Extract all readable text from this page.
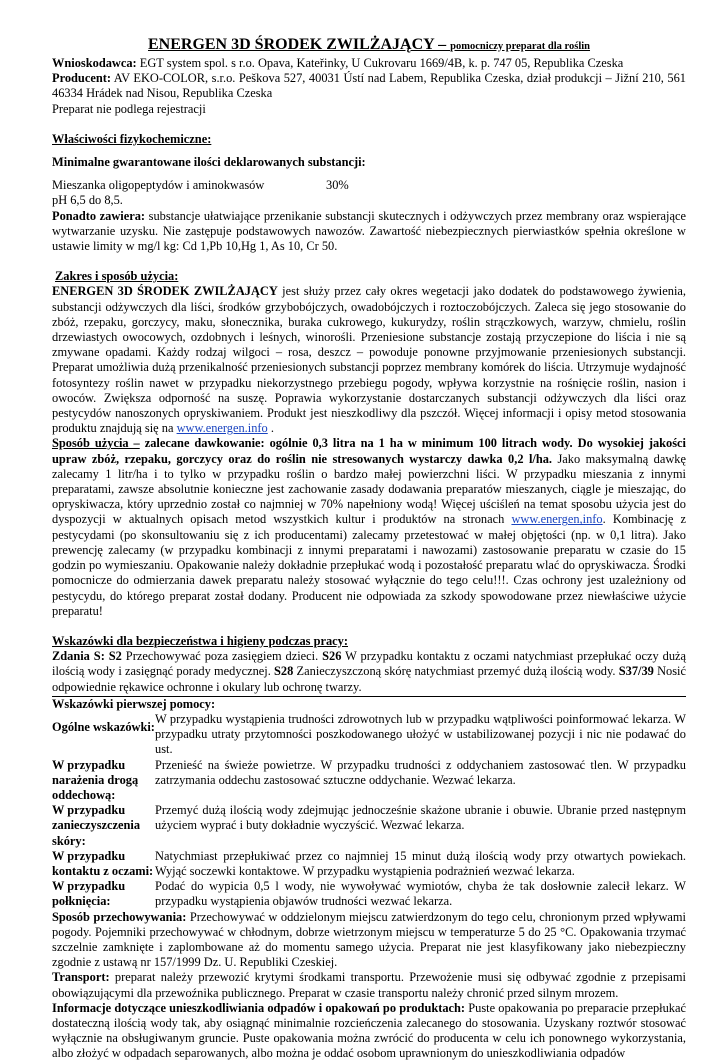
ENERGEN 3D ŚRODEK ZWILŻAJĄCY – pomocniczy preparat dla roślin

Wnioskodawca: EGT system spol. s r.o. Opava, Kateřinky, U Cukrovaru 1669/4B, k. p. 747 05, Republika Czeska

Producent: AV EKO-COLOR, s.r.o. Peškova 527, 40031 Ústí nad Labem, Republika Czeska, dział produkcji – Jižní 210, 561 46334 Hrádek nad Nisou, Republika Czeska

Preparat nie podlega rejestracji

Właściwości fizykochemiczne:

Minimalne gwarantowane ilości deklarowanych substancji:

Mieszanka oligopeptydów i aminokwasów	30%

pH 6,5 do 8,5.

Ponadto zawiera: substancje ułatwiające przenikanie substancji skutecznych i odżywczych przez membrany oraz wspierające wytwarzanie uzysku. Nie zastępuje podstawowych nawozów. Zawartość niebezpiecznych pierwiastków spełnia określone w ustawie limity w mg/l kg: Cd 1,Pb 10,Hg 1, As 10, Cr 50.

Zakres i sposób użycia:

ENERGEN 3D ŚRODEK ZWILŻAJĄCY jest służy przez cały okres wegetacji jako dodatek do podstawowego żywienia, substancji odżywczych dla liści, środków grzybobójczych, owadobójczych i roztoczobójczych. Zaleca się jego stosowanie do zbóż, rzepaku, gorczycy, maku, słonecznika, buraka cukrowego, kukurydzy, roślin strączkowych, warzyw, chmielu, roślin drzewiastych owocowych, ozdobnych i leśnych, winorośli. Przeniesione substancje zostają przyczepione do liścia i nie są zmywane opadami. Każdy rodzaj wilgoci – rosa, deszcz – powoduje ponowne przyjmowanie przeniesionych substancji. Preparat umożliwia dużą przenikalność przeniesionych substancji poprzez membrany komórek do liścia. Utrzymuje wydajność fotosyntezy roślin nawet w przypadku niekorzystnego przebiegu pogody, wpływa korzystnie na rośnięcie roślin, nasion i owoców. Zwiększa odporność na suszę. Poprawia wykorzystanie dostarczanych substancji odżywczych dla liści oraz pestycydów nanoszonych opryskiwaniem. Produkt jest nieszkodliwy dla pszczół. Więcej informacji i opisy metod stosowania produktu znajdują się na www.energen.info .

Sposób użycia – zalecane dawkowanie: ogólnie 0,3 litra na 1 ha w minimum 100 litrach wody. Do wysokiej jakości upraw zbóż, rzepaku, gorczycy oraz do roślin nie stresowanych wystarczy dawka 0,2 l/ha. Jako maksymalną dawkę zalecamy 1 litr/ha i to tylko w przypadku roślin o bardzo małej powierzchni liści. W przypadku mieszania z innymi preparatami, zawsze absolutnie konieczne jest zachowanie zasady dodawania preparatów mieszanych, ciągle je mieszając, do opryskiwacza, który uprzednio został co najmniej w 70% napełniony wodą! Więcej uściśleń na temat sposobu użycia jest do dyspozycji w aktualnych opisach metod wszystkich kultur i produktów na stronach www.energen,info. Kombinację z pestycydami (po skonsultowaniu się z ich producentami) zalecamy przetestować w małej objętości (np. w 0,1 litra). Jako prewencję zalecamy (w przypadku kombinacji z innymi preparatami i nawozami) zastosowanie preparatu w czasie do 15 godzin po wymieszaniu. Opakowanie należy dokładnie przepłukać wodą i pozostałość preparatu wlać do opryskiwacza. Środki pomocnicze do odmierzania dawek preparatu należy stosować wyłącznie do tego celu!!!. Czas ochrony jest uzależniony od pestycydu, do którego preparat został dodany. Producent nie odpowiada za szkody spowodowane przez niewłaściwe użycie preparatu!

Wskazówki dla bezpieczeństwa i higieny podczas pracy:

Zdania S: S2 Przechowywać poza zasięgiem dzieci. S26 W przypadku kontaktu z oczami natychmiast przepłukać oczy dużą ilością wody i zasięgnąć porady medycznej. S28 Zanieczyszczoną skórę natychmiast przemyć dużą ilością wody. S37/39 Nosić odpowiednie rękawice ochronne i okulary lub ochronę twarzy.

Wskazówki pierwszej pomocy:	
Ogólne wskazówki:	W przypadku wystąpienia trudności zdrowotnych lub w przypadku wątpliwości poinformować lekarza. W przypadku utraty przytomności poszkodowanego ułożyć w ustabilizowanej pozycji i nic nie podawać do ust.
W przypadku narażenia drogą oddechową:	Przenieść na świeże powietrze. W przypadku trudności z oddychaniem zastosować tlen. W przypadku zatrzymania oddechu zastosować sztuczne oddychanie. Wezwać lekarza.
W przypadku zanieczyszczenia skóry:	Przemyć dużą ilością wody zdejmując jednocześnie skażone ubranie i obuwie. Ubranie przed następnym użyciem wyprać i buty dokładnie wyczyścić. Wezwać lekarza.
W przypadku kontaktu z oczami:	Natychmiast przepłukiwać przez co najmniej 15 minut dużą ilością wody przy otwartych powiekach. Wyjąć soczewki kontaktowe. W przypadku wystąpienia podrażnień wezwać lekarza.
W przypadku połknięcia:	Podać do wypicia 0,5 l wody, nie wywoływać wymiotów, chyba że tak dosłownie zalecił lekarz. W przypadku wystąpienia objawów trudności wezwać lekarza.

Sposób przechowywania: Przechowywać w oddzielonym miejscu zatwierdzonym do tego celu, chronionym przed wpływami pogody. Pojemniki przechowywać w chłodnym, dobrze wietrzonym miejscu w temperaturze 5 do 25 °C. Opakowania trzymać szczelnie zamknięte i zaplombowane aż do momentu samego użycia. Preparat nie jest klasyfikowany jako niebezpieczny zgodnie z ustawą nr 157/1999 Dz. U. Republiki Czeskiej.

Transport: preparat należy przewozić krytymi środkami transportu. Przewożenie musi się odbywać zgodnie z przepisami obowiązującymi dla przewoźnika publicznego. Preparat w czasie transportu należy chronić przed silnym mrozem.

Informacje dotyczące unieszkodliwiania odpadów i opakowań po produktach: Puste opakowania po preparacie przepłukać dostateczną ilością wody tak, aby osiągnąć minimalnie rozcieńczenia zalecanego do stosowania. Uzyskany roztwór stosować wyłącznie na obsługiwanym gruncie. Puste opakowania można zwrócić do producenta w celu ich ponownego wykorzystania, albo złożyć w odpadach separowanych, albo można je oddać osobom uprawnionym do unieszkodliwiania odpadów
